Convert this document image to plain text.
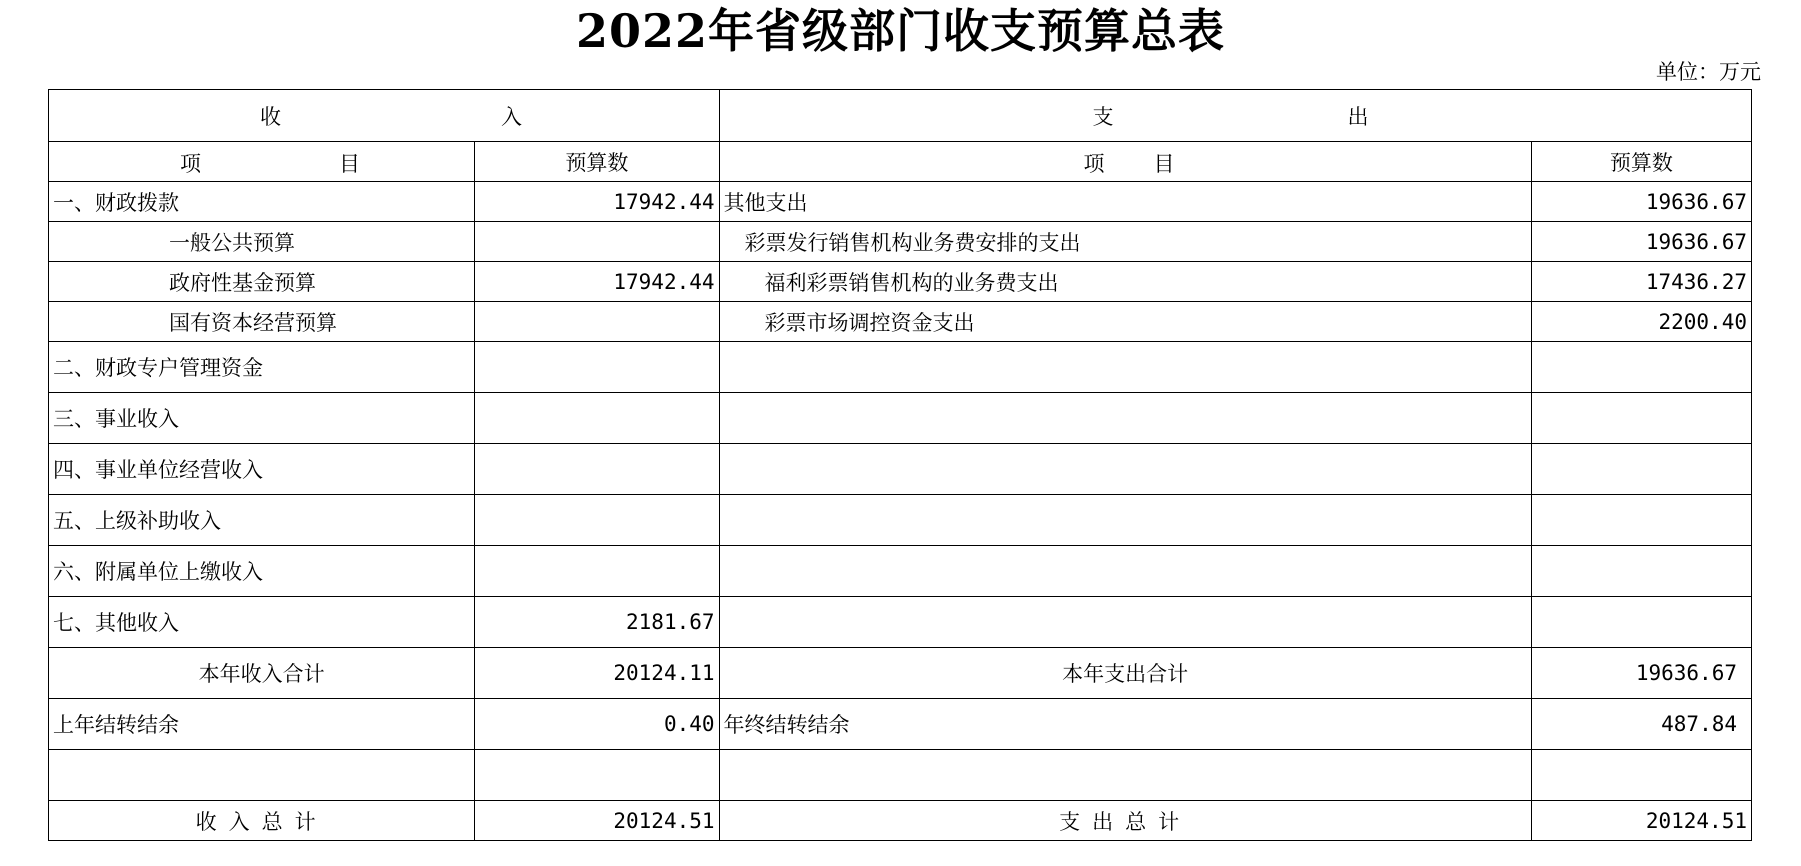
2022年省级部门收支预算总表
单位：万元
收 入		支 出	

项 目	预算数	项 目	预算数
一、财政拨款	17942.44	其他支出	19636.67
一般公共预算		彩票发行销售机构业务费安排的支出	19636.67
政府性基金预算	17942.44	福利彩票销售机构的业务费支出	17436.27
国有资本经营预算		彩票市场调控资金支出	2200.40
二、财政专户管理资金			
三、事业收入			
四、事业单位经营收入			
五、上级补助收入			
六、附属单位上缴收入			
七、其他收入	2181.67		
本年收入合计	20124.11	本年支出合计	19636.67
上年结转结余	0.40	年终结转结余	487.84

收入总计	20124.51	支出总计	20124.51
